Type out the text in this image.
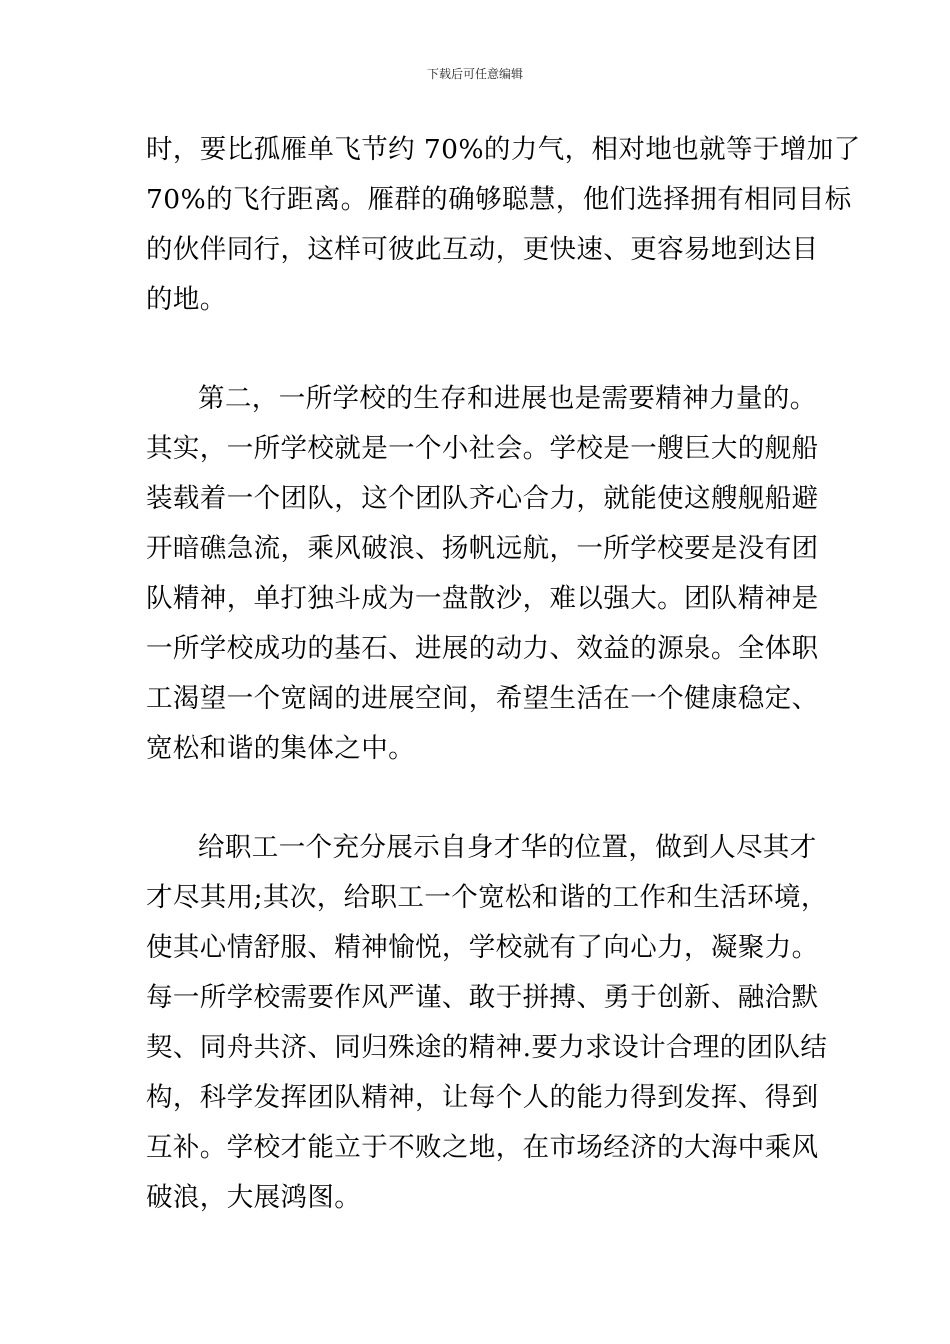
下载后可任意编辑
时，要比孤雁单飞节约 70%的力气，相对地也就等于增加了
70%的飞行距离。雁群的确够聪慧，他们选择拥有相同目标
的伙伴同行，这样可彼此互动，更快速、更容易地到达目
的地。
第二，一所学校的生存和进展也是需要精神力量的。
其实，一所学校就是一个小社会。学校是一艘巨大的舰船
装载着一个团队，这个团队齐心合力，就能使这艘舰船避
开暗礁急流，乘风破浪、扬帆远航，一所学校要是没有团
队精神，单打独斗成为一盘散沙，难以强大。团队精神是
一所学校成功的基石、进展的动力、效益的源泉。全体职
工渴望一个宽阔的进展空间，希望生活在一个健康稳定、
宽松和谐的集体之中。
给职工一个充分展示自身才华的位置，做到人尽其才
才尽其用;其次，给职工一个宽松和谐的工作和生活环境，
使其心情舒服、精神愉悦，学校就有了向心力，凝聚力。
每一所学校需要作风严谨、敢于拼搏、勇于创新、融洽默
契、同舟共济、同归殊途的精神.要力求设计合理的团队结
构，科学发挥团队精神，让每个人的能力得到发挥、得到
互补。学校才能立于不败之地，在市场经济的大海中乘风
破浪，大展鸿图。
